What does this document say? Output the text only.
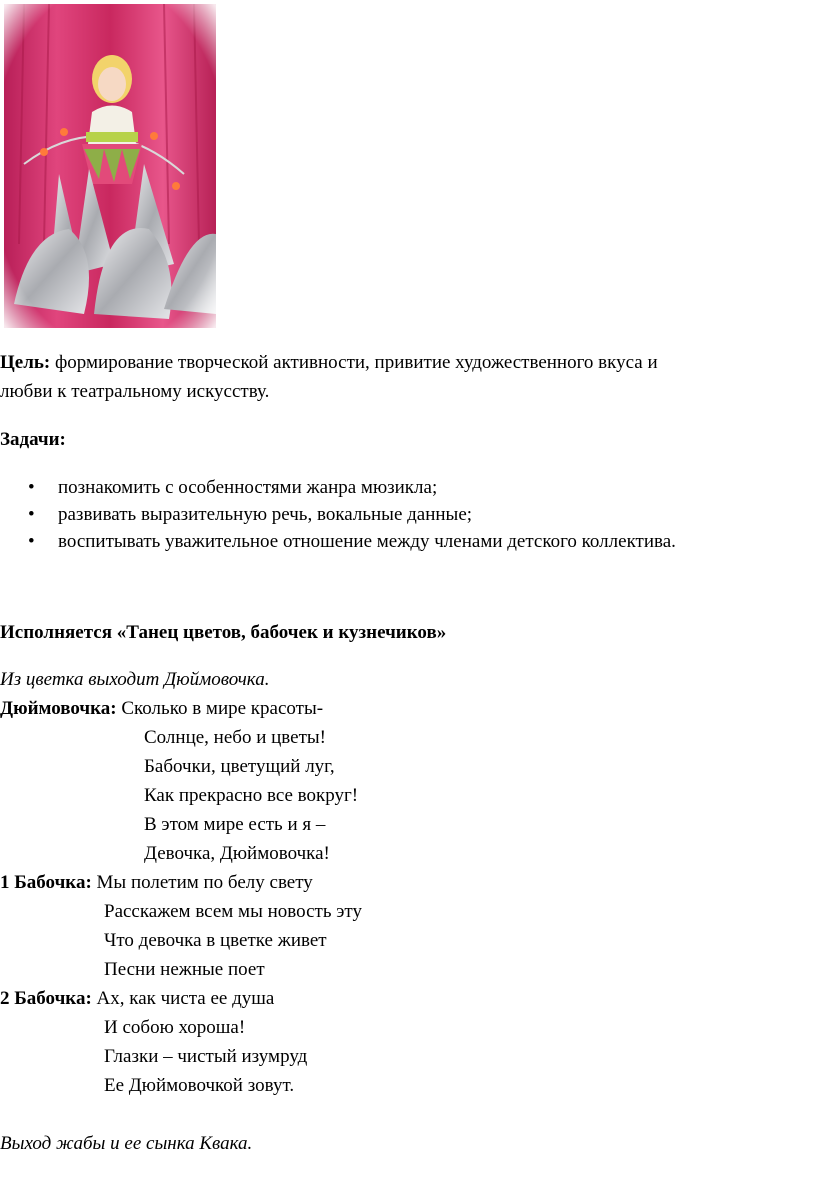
Цель: формирование творческой активности, привитие художественного вкуса и
любви к театральному искусству.
Задачи:
• познакомить с особенностями жанра мюзикла;
• развивать выразительную речь, вокальные данные;
• воспитывать уважительное отношение между членами детского коллектива.
Исполняется «Танец цветов, бабочек и кузнечиков»
Из цветка выходит Дюймовочка.
Дюймовочка: Сколько в мире красоты-
Солнце, небо и цветы!
Бабочки, цветущий луг,
Как прекрасно все вокруг!
В этом мире есть и я –
Девочка, Дюймовочка!
1 Бабочка: Мы полетим по белу свету
Расскажем всем мы новость эту
Что девочка в цветке живет
Песни нежные поет
2 Бабочка: Ах, как чиста ее душа
И собою хороша!
Глазки – чистый изумруд
Ее Дюймовочкой зовут.
Выход жабы и ее сынка Квака.
